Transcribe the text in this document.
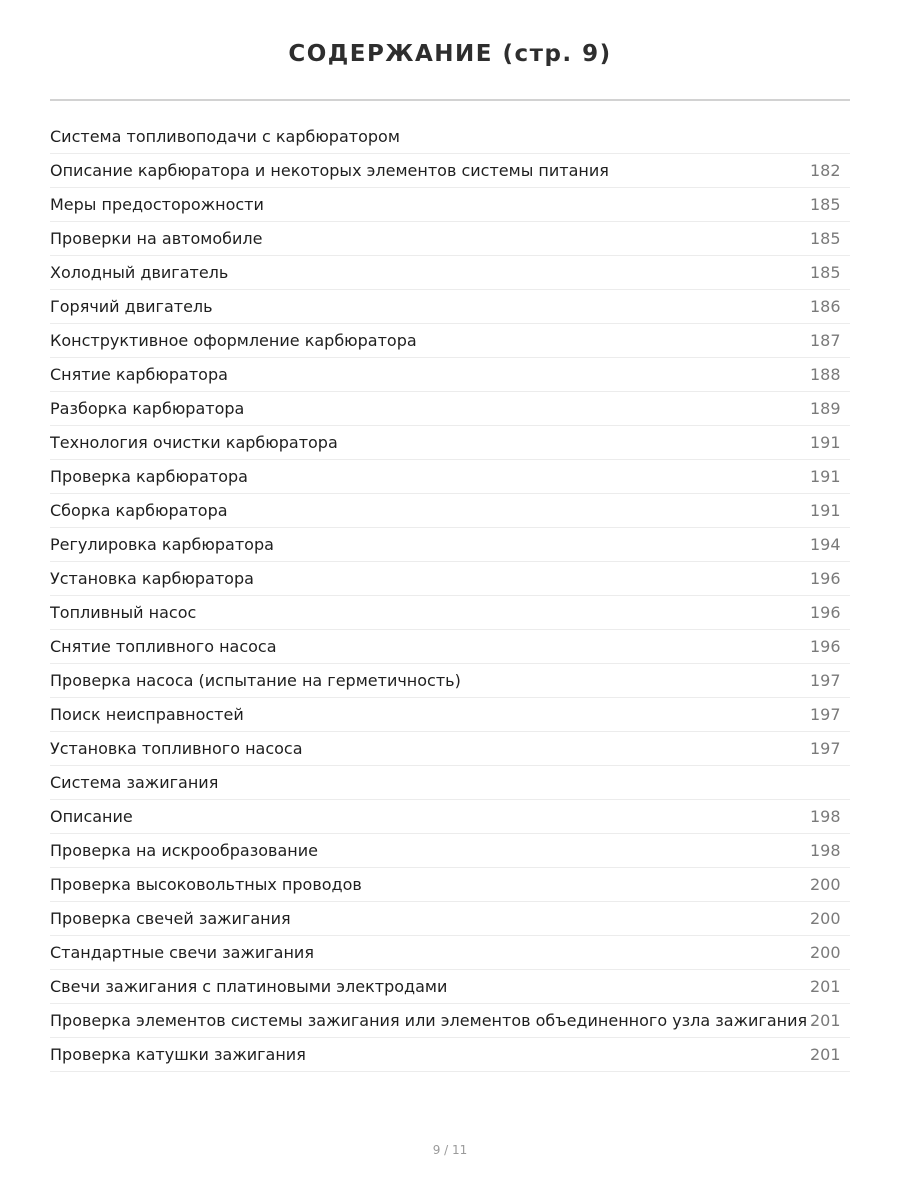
СОДЕРЖАНИЕ (стр. 9)
Система топливоподачи с карбюратором
Описание карбюратора и некоторых элементов системы питания	182
Меры предосторожности	185
Проверки на автомобиле	185
Холодный двигатель	185
Горячий двигатель	186
Конструктивное оформление карбюратора	187
Снятие карбюратора	188
Разборка карбюратора	189
Технология очистки карбюратора	191
Проверка карбюратора	191
Сборка карбюратора	191
Регулировка карбюратора	194
Установка карбюратора	196
Топливный насос	196
Снятие топливного насоса	196
Проверка насоса (испытание на герметичность)	197
Поиск неисправностей	197
Установка топливного насоса	197
Система зажигания
Описание	198
Проверка на искрообразование	198
Проверка высоковольтных проводов	200
Проверка свечей зажигания	200
Стандартные свечи зажигания	200
Свечи зажигания с платиновыми электродами	201
Проверка элементов системы зажигания или элементов объединенного узла зажигания 201
Проверка катушки зажигания	201
9 / 11
